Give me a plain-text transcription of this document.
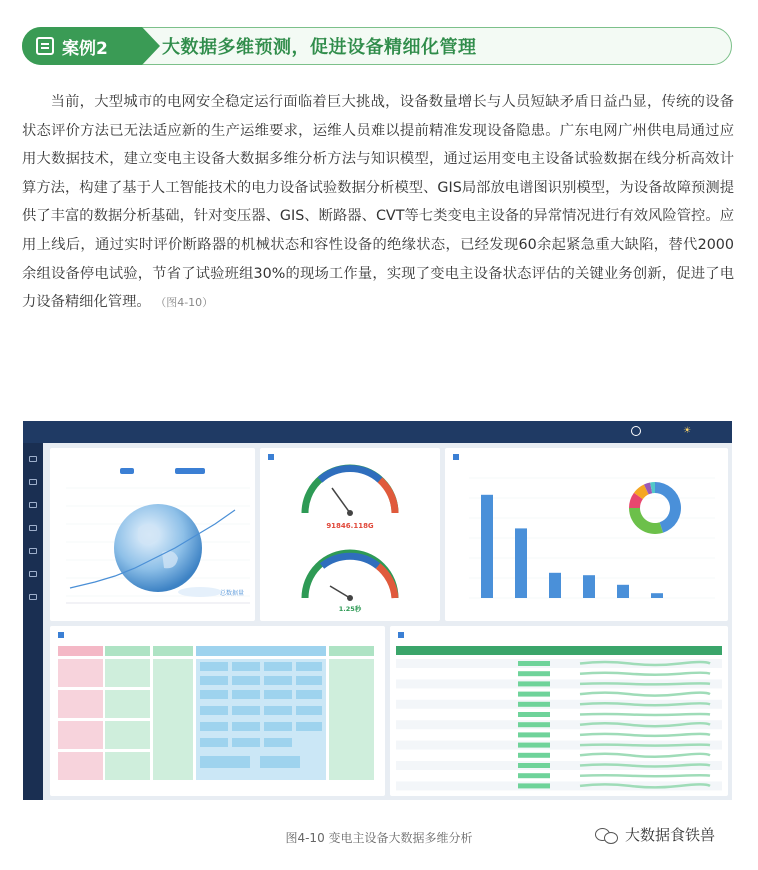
案例2	大数据多维预测，促进设备精细化管理
当前，大型城市的电网安全稳定运行面临着巨大挑战，设备数量增长与人员短缺矛盾日益凸显，传统的设备状态评价方法已无法适应新的生产运维要求，运维人员难以提前精准发现设备隐患。广东电网广州供电局通过应用大数据技术，建立变电主设备大数据多维分析方法与知识模型，通过运用变电主设备试验数据在线分析高效计算方法，构建了基于人工智能技术的电力设备试验数据分析模型、GIS局部放电谱图识别模型，为设备故障预测提供了丰富的数据分析基础，针对变压器、GIS、断路器、CVT等七类变电主设备的异常情况进行有效风险管控。应用上线后，通过实时评价断路器的机械状态和容性设备的绝缘状态，已经发现60余起紧急重大缺陷，替代2000余组设备停电试验，节省了试验班组30%的现场工作量，实现了变电主设备状态评估的关键业务创新，促进了电力设备精细化管理。 （图4-10）
☀
总数据量
91846.118G
1.25秒
图4-10 变电主设备大数据多维分析	大数据食铁兽
